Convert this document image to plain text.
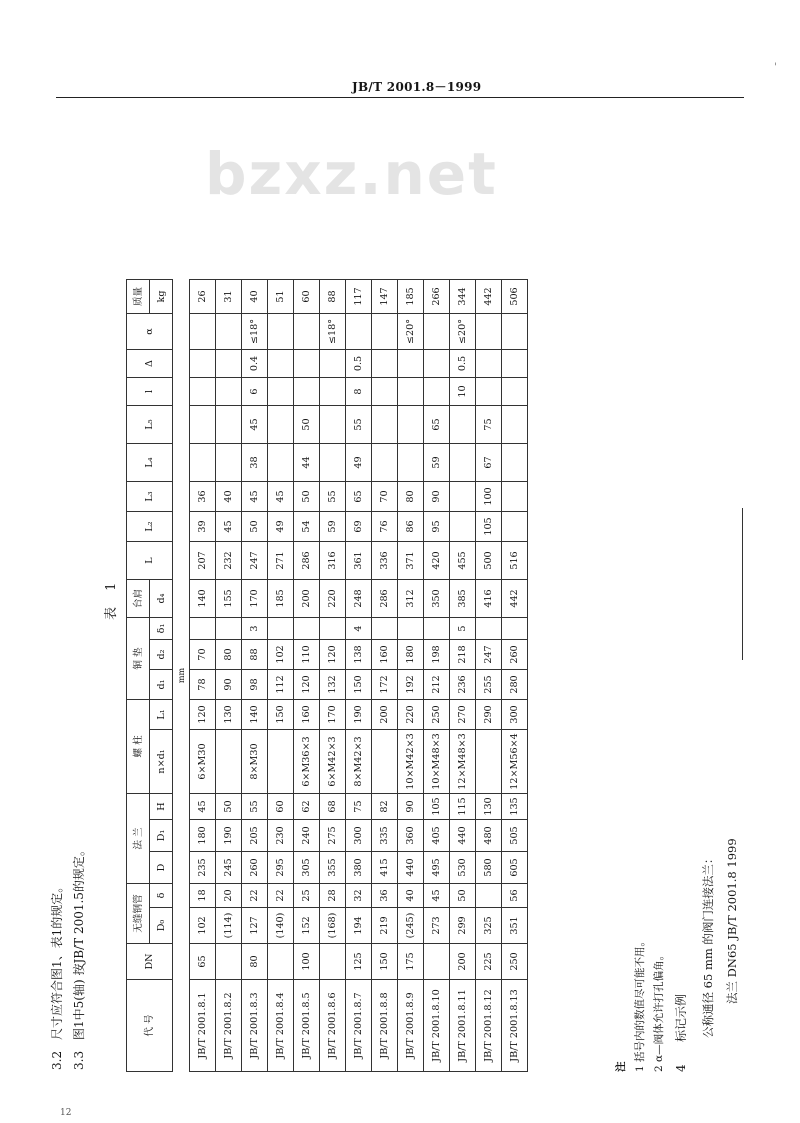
JB/T 2001.8－1999
'
12
bzxz.net
3.2尺寸应符合图1、表1的规定。
3.3图1中5(轴) 按JB/T 2001.5的规定。
表 1
代 号	DN	无缝钢管		法 兰			螺 柱		铜 垫			台肩	L	L₂	L₃	L₄	L₅	l	Δ	α	质量
		D₀	δ	D	D₁	H	n×d₁	L₁	d₁	d₂	δ₁	d₄									kg
mm																					
JB/T 2001.8.1	65	102	18	235	180	45	6×M30	120	78	70		140	207	39	36						26
JB/T 2001.8.2		(114)	20	245	190	50		130	90	80		155	232	45	40						31
JB/T 2001.8.3	80	127	22	260	205	55	8×M30	140	98	88	3	170	247	50	45	38	45	6	0.4	≤18°	40
JB/T 2001.8.4		(140)	22	295	230	60		150	112	102		185	271	49	45						51
JB/T 2001.8.5	100	152	25	305	240	62	6×M36×3	160	120	110		200	286	54	50	44	50				60
JB/T 2001.8.6		(168)	28	355	275	68	6×M42×3	170	132	120		220	316	59	55					≤18°	88
JB/T 2001.8.7	125	194	32	380	300	75	8×M42×3	190	150	138	4	248	361	69	65	49	55	8	0.5		117
JB/T 2001.8.8	150	219	36	415	335	82		200	172	160		286	336	76	70						147
JB/T 2001.8.9	175	(245)	40	440	360	90	10×M42×3	220	192	180		312	371	86	80					≤20°	185
JB/T 2001.8.10		273	45	495	405	105	10×M48×3	250	212	198		350	420	95	90	59	65				266
JB/T 2001.8.11	200	299	50	530	440	115	12×M48×3	270	236	218	5	385	455					10	0.5	≤20°	344
JB/T 2001.8.12	225	325		580	480	130		290	255	247		416	500	105	100	67	75				442
JB/T 2001.8.13	250	351	56	605	505	135	12×M56×4	300	280	260		442	516								506
注 1 括号内的数值尽可能不用。 2 α—阀体允许打孔偏角。 4标记示例 公称通径 65 mm 的阀门连接法兰： 法兰 DN65 JB/T 2001.8 1999
